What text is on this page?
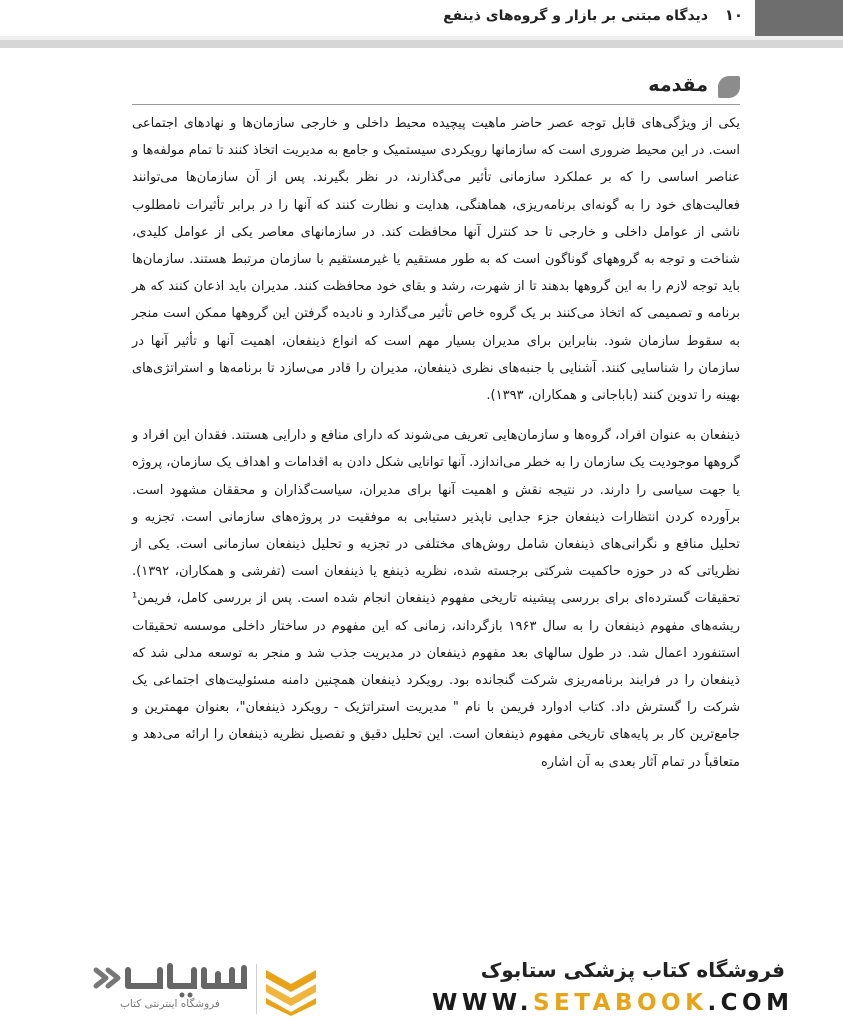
۱۰
دیدگاه مبتنی بر بازار و گروه‌های ذینفع
مقدمه

یکی از ویژگی‌های قابل توجه عصر حاضر ماهیت پیچیده محیط داخلی و خارجی سازمان‌ها و نهادهای اجتماعی است. در این محیط ضروری است که سازمانها رویکردی سیستمیک و جامع به مدیریت اتخاذ کنند تا تمام مولفه‌ها و عناصر اساسی را که بر عملکرد سازمانی تأثیر می‌گذارند، در نظر بگیرند. پس از آن سازمان‌ها می‌توانند فعالیت‌های خود را به گونه‌ای برنامه‌ریزی، هماهنگی، هدایت و نظارت کنند که آنها را در برابر تأثیرات نامطلوب ناشی از عوامل داخلی و خارجی تا حد کنترل آنها محافظت کند. در سازمانهای معاصر یکی از عوامل کلیدی، شناخت و توجه به گروههای گوناگون است که به طور مستقیم یا غیرمستقیم با سازمان مرتبط هستند. سازمان‌ها باید توجه لازم را به این گروهها بدهند تا از شهرت، رشد و بقای خود محافظت کنند. مدیران باید اذعان کنند که هر برنامه و تصمیمی که اتخاذ می‌کنند بر یک گروه خاص تأثیر می‌گذارد و نادیده گرفتن این گروهها ممکن است منجر به سقوط سازمان شود. بنابراین برای مدیران بسیار مهم است که انواع ذینفعان، اهمیت آنها و تأثیر آنها در سازمان را شناسایی کنند. آشنایی با جنبه‌های نظری ذینفعان، مدیران را قادر می‌سازد تا برنامه‌ها و استراتژی‌های بهینه را تدوین کنند (باباجانی و همکاران، ۱۳۹۳).

ذینفعان به عنوان افراد، گروه‌ها و سازمان‌هایی تعریف می‌شوند که دارای منافع و دارایی هستند. فقدان این افراد و گروهها موجودیت یک سازمان را به خطر می‌اندازد. آنها توانایی شکل دادن به اقدامات و اهداف یک سازمان، پروژه یا جهت سیاسی را دارند. در نتیجه نقش و اهمیت آنها برای مدیران، سیاست‌گذاران و محققان مشهود است. برآورده کردن انتظارات ذینفعان جزء جدایی ناپذیر دستیابی به موفقیت در پروژه‌های سازمانی است. تجزیه و تحلیل منافع و نگرانی‌های ذینفعان شامل روش‌های مختلفی در تجزیه و تحلیل ذینفعان سازمانی است. یکی از نظریاتی که در حوزه حاکمیت شرکتی برجسته شده، نظریه ذینفع یا ذینفعان است (تفرشی و همکاران، ۱۳۹۲). تحقیقات گسترده‌ای برای بررسی پیشینه تاریخی مفهوم ذینفعان انجام شده است. پس از بررسی کامل، فریمن¹ ریشه‌های مفهوم ذینفعان را به سال ۱۹۶۳ بازگرداند، زمانی که این مفهوم در ساختار داخلی موسسه تحقیقات استنفورد اعمال شد. در طول سالهای بعد مفهوم ذینفعان در مدیریت جذب شد و منجر به توسعه مدلی شد که ذینفعان را در فرایند برنامه‌ریزی شرکت گنجانده بود. رویکرد ذینفعان همچنین دامنه مسئولیت‌های اجتماعی یک شرکت را گسترش داد. کتاب ادوارد فریمن با نام " مدیریت استراتژیک - رویکرد ذینفعان"، بعنوان مهمترین و جامع‌ترین کار بر پایه‌های تاریخی مفهوم ذینفعان است. این تحلیل دقیق و تفصیل نظریه ذینفعان را ارائه می‌دهد و متعاقباً در تمام آثار بعدی به آن اشاره

فروشگاه کتاب پزشکی ستابوک
WWW.SETABOOK.COM
فروشگاه اینترنتی کتاب
